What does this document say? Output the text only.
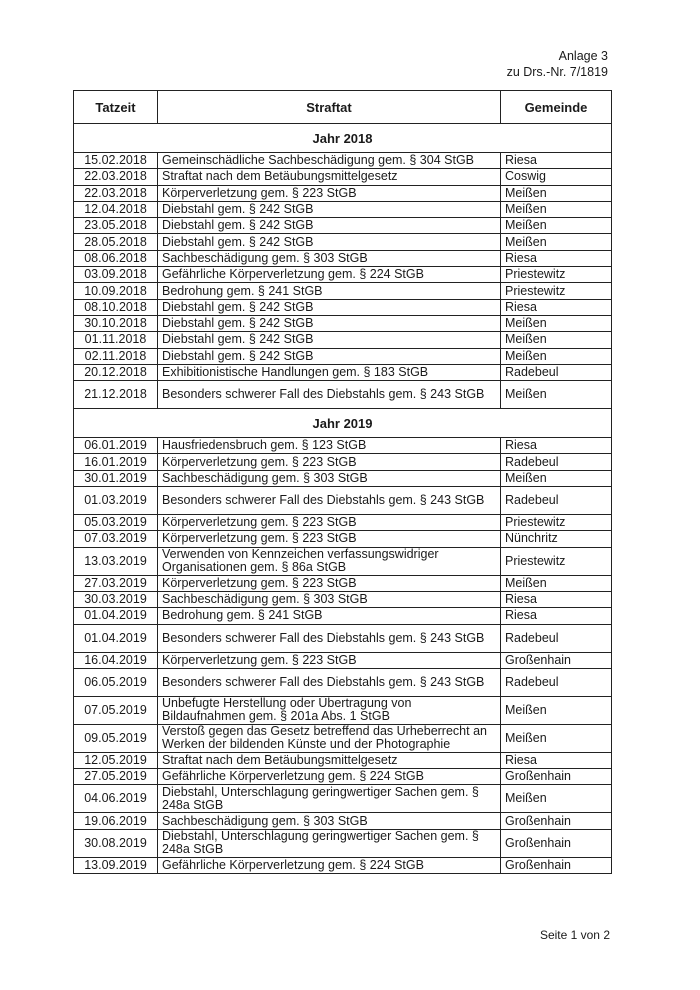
Anlage 3
zu Drs.-Nr. 7/1819
Tatzeit	Straftat	Gemeinde
Jahr 2018		
15.02.2018	Gemeinschädliche Sachbeschädigung gem. § 304 StGB	Riesa
22.03.2018	Straftat nach dem Betäubungsmittelgesetz	Coswig
22.03.2018	Körperverletzung gem. § 223 StGB	Meißen
12.04.2018	Diebstahl gem. § 242 StGB	Meißen
23.05.2018	Diebstahl gem. § 242 StGB	Meißen
28.05.2018	Diebstahl gem. § 242 StGB	Meißen
08.06.2018	Sachbeschädigung gem. § 303 StGB	Riesa
03.09.2018	Gefährliche Körperverletzung gem. § 224 StGB	Priestewitz
10.09.2018	Bedrohung gem. § 241 StGB	Priestewitz
08.10.2018	Diebstahl gem. § 242 StGB	Riesa
30.10.2018	Diebstahl gem. § 242 StGB	Meißen
01.11.2018	Diebstahl gem. § 242 StGB	Meißen
02.11.2018	Diebstahl gem. § 242 StGB	Meißen
20.12.2018	Exhibitionistische Handlungen gem. § 183 StGB	Radebeul
21.12.2018	Besonders schwerer Fall des Diebstahls gem. § 243 StGB	Meißen
Jahr 2019		
06.01.2019	Hausfriedensbruch gem. § 123 StGB	Riesa
16.01.2019	Körperverletzung gem. § 223 StGB	Radebeul
30.01.2019	Sachbeschädigung gem. § 303 StGB	Meißen
01.03.2019	Besonders schwerer Fall des Diebstahls gem. § 243 StGB	Radebeul
05.03.2019	Körperverletzung gem. § 223 StGB	Priestewitz
07.03.2019	Körperverletzung gem. § 223 StGB	Nünchritz
13.03.2019	Verwenden von Kennzeichen verfassungswidriger Organisationen gem. § 86a StGB	Priestewitz
27.03.2019	Körperverletzung gem. § 223 StGB	Meißen
30.03.2019	Sachbeschädigung gem. § 303 StGB	Riesa
01.04.2019	Bedrohung gem. § 241 StGB	Riesa
01.04.2019	Besonders schwerer Fall des Diebstahls gem. § 243 StGB	Radebeul
16.04.2019	Körperverletzung gem. § 223 StGB	Großenhain
06.05.2019	Besonders schwerer Fall des Diebstahls gem. § 243 StGB	Radebeul
07.05.2019	Unbefugte Herstellung oder Übertragung von Bildaufnahmen gem. § 201a Abs. 1 StGB	Meißen
09.05.2019	Verstoß gegen das Gesetz betreffend das Urheberrecht an Werken der bildenden Künste und der Photographie	Meißen
12.05.2019	Straftat nach dem Betäubungsmittelgesetz	Riesa
27.05.2019	Gefährliche Körperverletzung gem. § 224 StGB	Großenhain
04.06.2019	Diebstahl, Unterschlagung geringwertiger Sachen gem. § 248a StGB	Meißen
19.06.2019	Sachbeschädigung gem. § 303 StGB	Großenhain
30.08.2019	Diebstahl, Unterschlagung geringwertiger Sachen gem. § 248a StGB	Großenhain
13.09.2019	Gefährliche Körperverletzung gem. § 224 StGB	Großenhain
Seite 1 von 2
